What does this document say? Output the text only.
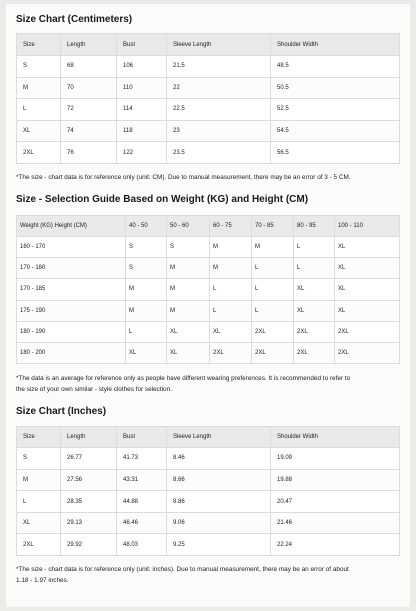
Size Chart (Centimeters)
Size	Length	Bust	Sleeve Length	Shoulder Width
S	68	106	21.5	48.5
M	70	110	22	50.5
L	72	114	22.5	52.5
XL	74	118	23	54.5
2XL	76	122	23.5	56.5

*The size - chart data is for reference only (unit: CM). Due to manual measurement, there may be an error of 3 - 5 CM.

Size - Selection Guide Based on Weight (KG) and Height (CM)
Weight (KG) Height (CM)	40 - 50	50 - 60	60 - 75	70 - 85	80 - 95	100 - 110
160 - 170	S	S	M	M	L	XL
170 - 180	S	M	M	L	L	XL
170 - 185	M	M	L	L	XL	XL
175 - 190	M	M	L	L	XL	XL
180 - 190	L	XL	XL	2XL	2XL	2XL
180 - 200	XL	XL	2XL	2XL	2XL	2XL

*The data is an average for reference only as people have different wearing preferences. It is recommended to refer to

the size of your own similar - style clothes for selection.

Size Chart (Inches)
Size	Length	Bust	Sleeve Length	Shoulder Width
S	26.77	41.73	8.46	19.09
M	27.56	43.31	8.66	19.88
L	28.35	44.88	8.86	20.47
XL	29.13	46.46	9.06	21.46
2XL	29.92	48.03	9.25	22.24

*The size - chart data is for reference only (unit: inches). Due to manual measurement, there may be an error of about

1.18 - 1.97 inches.
